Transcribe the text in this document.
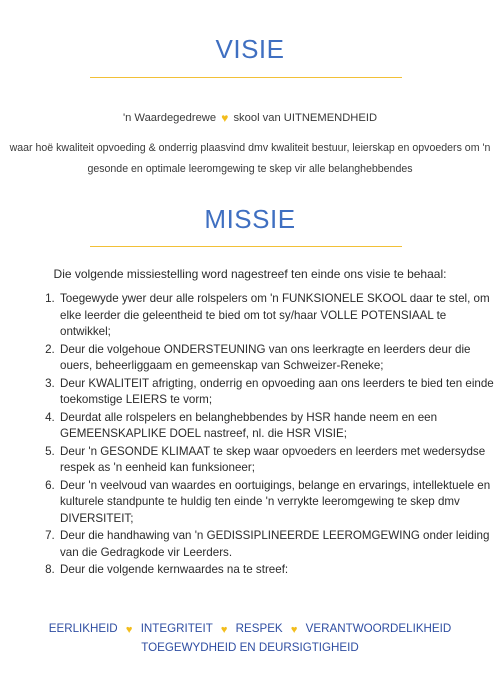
VISIE
'n Waardegedrewe ♥ skool van UITNEMENDHEID
waar hoë kwaliteit opvoeding & onderrig plaasvind dmv kwaliteit bestuur, leierskap en opvoeders om 'n
gesonde en optimale leeromgewing te skep vir alle belanghebbendes
MISSIE
Die volgende missiestelling word nagestreef ten einde ons visie te behaal:
1. Toegewyde ywer deur alle rolspelers om 'n FUNKSIONELE SKOOL daar te stel, om elke leerder die geleentheid te bied om tot sy/haar VOLLE POTENSIAAL te ontwikkel;
2. Deur die volgehoue ONDERSTEUNING van ons leerkragte en leerders deur die ouers, beheerliggaam en gemeenskap van Schweizer-Reneke;
3. Deur KWALITEIT afrigting, onderrig en opvoeding aan ons leerders te bied ten einde toekomstige LEIERS te vorm;
4. Deurdat alle rolspelers en belanghebbendes by HSR hande neem en een GEMEENSKAPLIKE DOEL nastreef, nl. die HSR VISIE;
5. Deur 'n GESONDE KLIMAAT te skep waar opvoeders en leerders met wedersydse respek as 'n eenheid kan funksioneer;
6. Deur 'n veelvoud van waardes en oortuigings, belange en ervarings, intellektuele en kulturele standpunte te huldig ten einde 'n verrykte leeromgewing te skep dmv DIVERSITEIT;
7. Deur die handhawing van 'n GEDISSIPLINEERDE LEEROMGEWING onder leiding van die Gedragkode vir Leerders.
8. Deur die volgende kernwaardes na te streef:
EERLIKHEID ♥ INTEGRITEIT ♥ RESPEK ♥ VERANTWOORDELIKHEID
TOEGEWYDHEID EN DEURSIGTIGHEID
